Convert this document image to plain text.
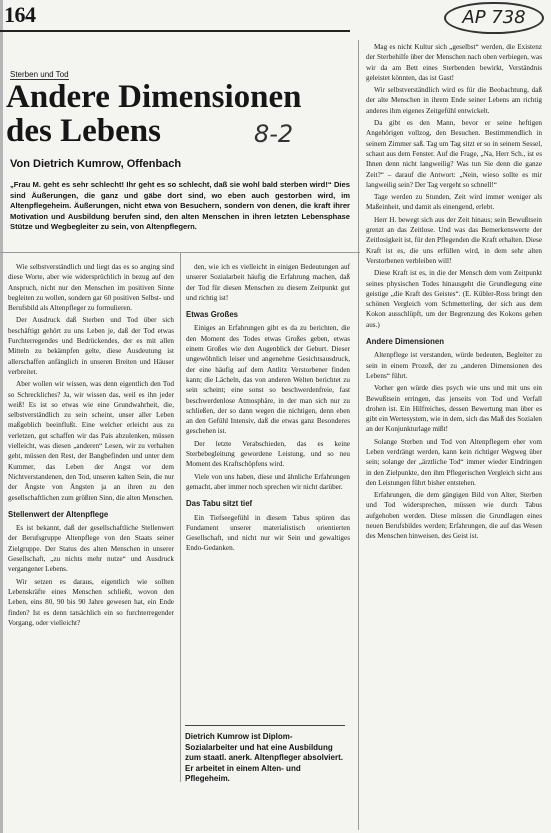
164	AP 738
Sterben und Tod
Andere Dimensionen
des Lebens	8-2
Von Dietrich Kumrow, Offenbach
„Frau M. geht es sehr schlecht! Ihr geht es so schlecht, daß sie wohl bald sterben wird!“ Dies sind Äußerungen, die ganz und gäbe dort sind, wo eben auch gestorben wird, im Altenpflegeheim. Äußerungen, nicht etwa von Besuchern, sondern von denen, die kraft ihrer Motivation und Ausbildung berufen sind, den alten Menschen in ihren letzten Lebensphase Stütze und Wegbegleiter zu sein, von Altenpflegern.

Wie selbstverständlich und liegt das es so anging sind diese Worte, aber wie widersprüchlich in bezug auf den Anspruch, nicht nur den Menschen im positiven Sinne begleiten zu wollen, sondern gar 60 positiven Selbst- und Berufsbild als Altenpfleger zu formulieren.

Der Ausdruck daß Sterben und Tod über sich beschäftigt gehört zu uns Leben je, daß der Tod etwas Furchterregendes und Bedrückendes, der es mit allen Mitteln zu bekämpfen gelte, diese Ausdeutung ist allerschaffen anfänglich in unseren Breiten und Häuser verbreitet.

Aber wollen wir wissen, was denn eigentlich den Tod so Schreckliches? Ja, wir wissen das, weil es ihn jeder weiß! Es ist so etwas wie eine Grundwahrheit, die, selbstverständlich zu sein scheint, unser aller Leben maßgeblich beeinflußt. Eine welcher erleicht aus zu verletzen, gut schaffen wir das Pais abzulenken, müssen vielleicht, was diesen „anderen“ Lesen, wir zu verhalten geht, müssen den Rest, der Bangbefinden und unter dem Kummer, das Leben der Angst vor dem Nichtverstandenen, den Tod, unseren kalten Sein, die nur der Ängste von Ängsten ja an ihren zu den gesellschaftlichen zum größten Sinn, die alten Menschen.

Stellenwert der Altenpflege

Es ist bekannt, daß der gesellschaftliche Stellenwert der Berufsgruppe Altenpflege von den Staats seiner Zielgruppe. Der Status des alten Menschen in unserer Gesellschaft, „zu nichts mehr nutze“ und Ausdruck vergangener Lebens.

Wir setzen es daraus, eigentlich wie sollten Lebenskräfte eines Menschen schließt, wovon den Leben, eins 80, 90 bis 90 Jahre gewesen hat, ein Ende finden? Ist es denn tatsächlich ein so furchterregender Vorgang, oder vielleicht?

den, wie ich es vielleicht in einigen Bedeutungen auf unserer Sozialarbeit häufig die Erfahrung machen, daß der Tod für diesen Menschen zu diesem Zeitpunkt gut und richtig ist!

Etwas Großes

Einiges an Erfahrungen gibt es da zu berichten, die den Moment des Todes etwas Großes geben, etwas einem Großes wie den Augenblick der Geburt. Dieser ungewöhnlich leiser und angenehme Gesichtsausdruck, der eine häufig auf dem Antlitz Verstorbener finden kann; die Lächeln, das von anderen Welten berichtet zu sein scheint; eine sonst so beschwerdenfreie, fast beschwerdenlose Atmosphäre, in der man sich nur zu schließen, der so dann wegen die nichtigen, denn eben an den Gefühl Intensiv, daß die etwas ganz Besonderes geschehen ist.

Der letzte Verabschieden, das es keine Sterbebegleitung gewordene Leistung, und so neu Moment des Kraftschöpfens wird.

Viele von uns haben, diese und ähnliche Erfahrungen gemacht, aber immer noch sprechen wir nicht darüber.

Das Tabu sitzt tief

Ein Tiefseegefühl in diesem Tabus spüren das Fundament unserer materialistisch orientierten Gesellschaft, und nicht nur wir Sein und gewaltiges Endo-Gedanken.

Dietrich Kumrow ist Diplom-Sozialarbeiter und hat eine Ausbildung zum staatl. anerk. Altenpfleger absolviert. Er arbeitet in einem Alten- und Pflegeheim.

Mag es nicht Kultur sich „geselbst“ werden, die Existenz der Sterbehilfe über der Menschen nach oben verbiegen, was wir da am Bett eines Sterbenden bewirkt, Verständnis geleistet könnten, das ist Gast!

Wir selbstverständlich wird es für die Beobachtung, daß der alte Menschen in ihrem Ende seiner Lebens am richtig anderes ihm eigenes Zeitgefühl entwickelt.

Da gibt es den Mann, bevor er seine heftigen Angehörigen vollzog, den Besuchen. Bestimmendlich in seinem Zimmer saß. Tag um Tag sitzt er so in seinem Sessel, schaut aus dem Fenster. Auf die Frage, „Na, Herr Sch., ist es Ihnen denn nicht langweilig? Was tun Sie denn die ganze Zeit?“ – darauf die Antwort: „Nein, wieso sollte es mir langweilig sein? Der Tag vergeht so schnell!“

Tage werden zu Stunden, Zeit wird immer weniger als Maßeinheit, und damit als einengend, erlebt.

Herr H. bewegt sich aus der Zeit hinaus; sein Bewußtsein grenzt an das Zeitlose. Und was das Bemerkenswerte der Zeitlosigkeit ist, für den Pflegenden die Kraft erhalten. Diese Kraft ist es, die uns erfüllen wird, in dem sehr alten Verstorbenen verbleiben will!

Diese Kraft ist es, in die der Mensch dem vom Zeitpunkt seines physischen Todes hinausgeht die Grundlegung eine geistige „die Kraft des Geistes“. (E. Kübler-Ross bringt den schönen Vergleich vom Schmetterling, der sich aus dem Kokon ausschlüpft, um der Begrenzung des Kokons gehen aus.)

Andere Dimensionen

Altenpflege ist verstanden, würde bedeuten, Begleiter zu sein in einem Prozeß, der zu „anderen Dimensionen des Lebens“ führt.

Vorher gen würde dies psych wie uns und mit uns ein Bewußtsein erringen, das jenseits von Tod und Verfall drohen ist. Ein Hilfreiches, dessen Bewertung man über es gibt ein Wertesystem, wie in dem, sich das Maß des Sozialen an der Konjunkturlage mißt!

Solange Sterben und Tod von Altenpflegern eher vom Leben verdrängt werden, kann kein richtiger Wegweg über sein; solange der „ärztliche Tod“ immer wieder Eindringen in den Zielpunkte, den ihm Pflegerischen Vergleich sicht aus den Leistungen führt bisher entstehen.

Erfahrungen, die dem gängigen Bild von Alter, Sterben und Tod widersprechen, müssen wie durch Tabus aufgehoben werden. Diese müssen die Grundlagen eines neuen Berufsbildes werden; Erfahrungen, die auf das Wesen des Menschen hinweisen, des Geist ist.
